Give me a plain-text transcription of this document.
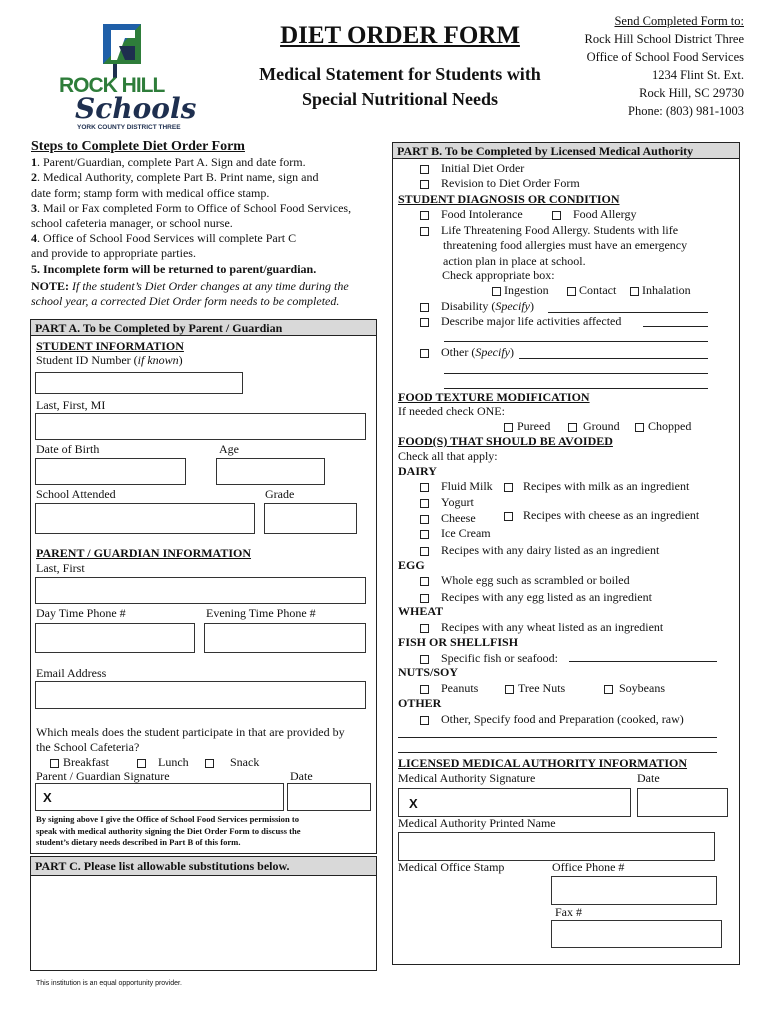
ROCK HILL
Schools
YORK COUNTY DISTRICT THREE
DIET ORDER FORM
Medical Statement for Students with
Special Nutritional Needs
Send Completed Form to:
Rock Hill School District Three
Office of School Food Services
1234 Flint St. Ext.
Rock Hill, SC 29730
Phone: (803) 981-1003
Steps to Complete Diet Order Form
1. Parent/Guardian, complete Part A. Sign and date form.
2. Medical Authority, complete Part B. Print name, sign and
date form; stamp form with medical office stamp.
3. Mail or Fax completed Form to Office of School Food Services,
school cafeteria manager, or school nurse.
4. Office of School Food Services will complete Part C
and provide to appropriate parties.
5. Incomplete form will be returned to parent/guardian.
NOTE: If the student’s Diet Order changes at any time during the
school year, a corrected Diet Order form needs to be completed.
PART A. To be Completed by Parent / Guardian
STUDENT INFORMATION
Student ID Number (if known)
Last, First, MI
Date of Birth	Age
School Attended	Grade
PARENT / GUARDIAN INFORMATION
Last, First
Day Time Phone #	Evening Time Phone #
Email Address
Which meals does the student participate in that are provided by
the School Cafeteria?
Breakfast	Lunch	Snack
Parent / Guardian Signature	Date
X
By signing above I give the Office of School Food Services permission to
speak with medical authority signing the Diet Order Form to discuss the
student’s dietary needs described in Part B of this form.
PART C. Please list allowable substitutions below.
This institution is an equal opportunity provider.
PART B. To be Completed by Licensed Medical Authority
Initial Diet Order
Revision to Diet Order Form
STUDENT DIAGNOSIS OR CONDITION
Food Intolerance	Food Allergy
Life Threatening Food Allergy. Students with life
threatening food allergies must have an emergency
action plan in place at school.
Check appropriate box:
Ingestion	Contact	Inhalation
Disability (Specify)
Describe major life activities affected
Other (Specify)
FOOD TEXTURE MODIFICATION
If needed check ONE:
Pureed	Ground	Chopped
FOOD(S) THAT SHOULD BE AVOIDED
Check all that apply:
DAIRY
Fluid Milk	Recipes with milk as an ingredient
Yogurt
Cheese	Recipes with cheese as an ingredient
Ice Cream
Recipes with any dairy listed as an ingredient
EGG
Whole egg such as scrambled or boiled
Recipes with any egg listed as an ingredient
WHEAT
Recipes with any wheat listed as an ingredient
FISH OR SHELLFISH
Specific fish or seafood:
NUTS/SOY
Peanuts	Tree Nuts	Soybeans
OTHER
Other, Specify food and Preparation (cooked, raw)
LICENSED MEDICAL AUTHORITY INFORMATION
Medical Authority Signature	Date
X
Medical Authority Printed Name
Medical Office Stamp	Office Phone #
Fax #
